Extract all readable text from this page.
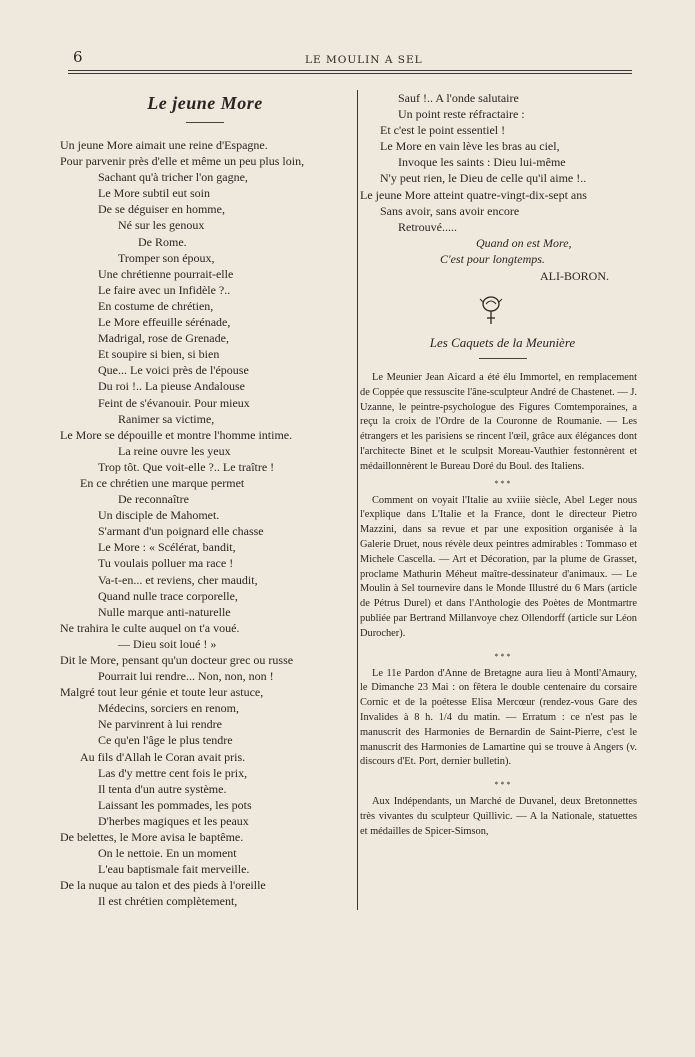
6	LE MOULIN A SEL
Le jeune More
Un jeune More aimait une reine d'Espagne.
Pour parvenir près d'elle et même un peu plus loin,
Sachant qu'à tricher l'on gagne,
Le More subtil eut soin
De se déguiser en homme,
Né sur les genoux
De Rome.
Tromper son époux,
Une chrétienne pourrait-elle
Le faire avec un Infidèle ?..
En costume de chrétien,
Le More effeuille sérénade,
Madrigal, rose de Grenade,
Et soupire si bien, si bien
Que... Le voici près de l'épouse
Du roi !.. La pieuse Andalouse
Feint de s'évanouir. Pour mieux
Ranimer sa victime,
Le More se dépouille et montre l'homme intime.
La reine ouvre les yeux
Trop tôt. Que voit-elle ?.. Le traître !
En ce chrétien une marque permet
De reconnaître
Un disciple de Mahomet.
S'armant d'un poignard elle chasse
Le More : « Scélérat, bandit,
Tu voulais polluer ma race !
Va-t-en... et reviens, cher maudit,
Quand nulle trace corporelle,
Nulle marque anti-naturelle
Ne trahira le culte auquel on t'a voué.
— Dieu soit loué ! »
Dit le More, pensant qu'un docteur grec ou russe
Pourrait lui rendre... Non, non, non !
Malgré tout leur génie et toute leur astuce,
Médecins, sorciers en renom,
Ne parvinrent à lui rendre
Ce qu'en l'âge le plus tendre
Au fils d'Allah le Coran avait pris.
Las d'y mettre cent fois le prix,
Il tenta d'un autre système.
Laissant les pommades, les pots
D'herbes magiques et les peaux
De belettes, le More avisa le baptême.
On le nettoie. En un moment
L'eau baptismale fait merveille.
De la nuque au talon et des pieds à l'oreille
Il est chrétien complètement,
Sauf !.. A l'onde salutaire
Un point reste réfractaire :
Et c'est le point essentiel !
Le More en vain lève les bras au ciel,
Invoque les saints : Dieu lui-même
N'y peut rien, le Dieu de celle qu'il aime !..
Le jeune More atteint quatre-vingt-dix-sept ans
Sans avoir, sans avoir encore
Retrouvé.....
Quand on est More,
C'est pour longtemps.
ALI-BORON.
Les Caquets de la Meunière

Le Meunier Jean Aicard a été élu Immortel, en remplacement de Coppée que ressuscite l'âne-sculpteur André de Chastenet. — J. Uzanne, le peintre-psychologue des Figures Comtemporaines, a reçu la croix de l'Ordre de la Couronne de Roumanie. — Les étrangers et les parisiens se rincent l'œil, grâce aux élégances dont l'architecte Binet et le sculpsit Moreau-Vauthier festonnèrent et médaillonnèrent le Bureau Doré du Boul. des Italiens.

* * *

Comment on voyait l'Italie au xviiie siècle, Abel Leger nous l'explique dans L'Italie et la France, dont le directeur Pietro Mazzini, dans sa revue et par une exposition organisée à la Galerie Druet, nous révèle deux peintres admirables : Tommaso et Michele Cascella. — Art et Décoration, par la plume de Grasset, proclame Mathurin Méheut maître-dessinateur d'animaux. — Le Moulin à Sel tournevire dans le Monde Illustré du 6 Mars (article de Pétrus Durel) et dans l'Anthologie des Poètes de Montmartre publiée par Bertrand Millanvoye chez Ollendorff (article sur Léon Durocher).

* * *

Le 11e Pardon d'Anne de Bretagne aura lieu à Montl'Amaury, le Dimanche 23 Mai : on fêtera le double centenaire du corsaire Cornic et de la poétesse Elisa Mercœur (rendez-vous Gare des Invalides à 8 h. 1/4 du matin. — Erratum : ce n'est pas le manuscrit des Harmonies de Bernardin de Saint-Pierre, c'est le manuscrit des Harmonies de Lamartine qui se trouve à Angers (v. discours d'Et. Port, dernier bulletin).

* * *

Aux Indépendants, un Marché de Duvanel, deux Bretonnettes très vivantes du sculpteur Quillivic. — A la Nationale, statuettes et médailles de Spicer-Simson,
